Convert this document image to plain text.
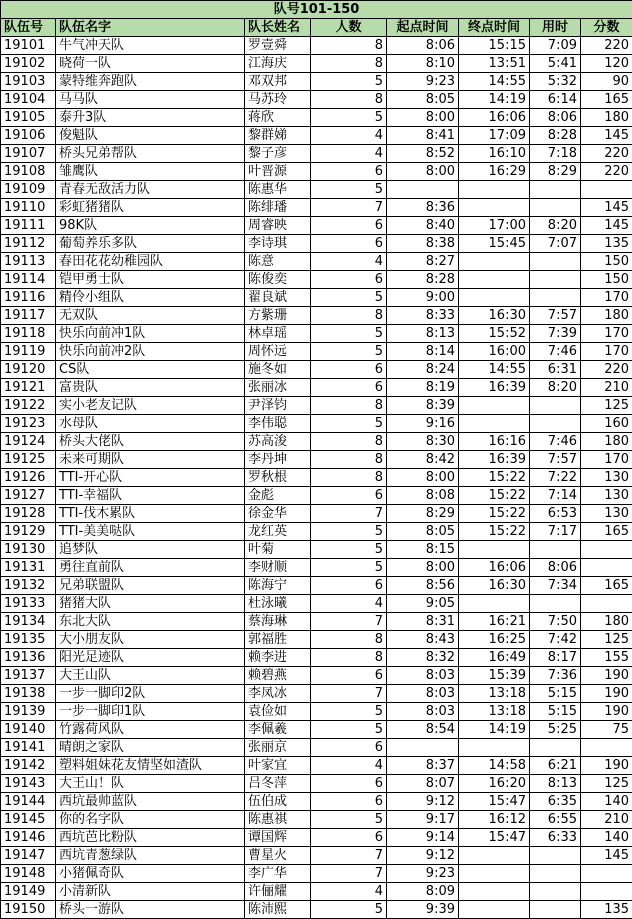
队号101-150							
队伍号	队伍名字	队长姓名	人数	起点时间	终点时间	用时	分数
19101	牛气冲天队	罗壹舜	8	8:06	15:15	7:09	220
19102	晓荷一队	江海庆	8	8:10	13:51	5:41	120
19103	蒙特维奔跑队	邓双邦	5	9:23	14:55	5:32	90
19104	马马队	马苏玲	8	8:05	14:19	6:14	165
19105	泰升3队	蒋欣	5	8:00	16:06	8:06	180
19106	俊魁队	黎群娣	4	8:41	17:09	8:28	145
19107	桥头兄弟帮队	黎子彦	4	8:52	16:10	7:18	220
19108	雏鹰队	叶晋源	6	8:00	16:29	8:29	220
19109	青春无敌活力队	陈惠华	5				
19110	彩虹猪猪队	陈绯璠	7	8:36			145
19111	98K队	周睿映	6	8:40	17:00	8:20	145
19112	葡萄养乐多队	李诗琪	6	8:38	15:45	7:07	135
19113	春田花花幼稚园队	陈意	4	8:27			150
19114	铠甲勇士队	陈俊奕	6	8:28			150
19116	精伶小组队	翟良斌	5	9:00			170
19117	无双队	方紫珊	8	8:33	16:30	7:57	180
19118	快乐向前冲1队	林卓瑶	5	8:13	15:52	7:39	170
19119	快乐向前冲2队	周怀远	5	8:14	16:00	7:46	170
19120	CS队	施冬如	6	8:24	14:55	6:31	220
19121	富贵队	张丽冰	6	8:19	16:39	8:20	210
19122	实小老友记队	尹泽钧	8	8:39			125
19123	水母队	李伟聪	5	9:16			160
19124	桥头大佬队	苏高浚	8	8:30	16:16	7:46	180
19125	未来可期队	李丹坤	8	8:42	16:39	7:57	170
19126	TTI-开心队	罗秋根	8	8:00	15:22	7:22	130
19127	TTI-幸福队	金彪	6	8:08	15:22	7:14	130
19128	TTI-伐木累队	徐金华	7	8:29	15:22	6:53	130
19129	TTI-美美哒队	龙红英	5	8:05	15:22	7:17	165
19130	追梦队	叶菊	5	8:15			
19131	勇往直前队	李财顺	5	8:00	16:06	8:06	
19132	兄弟联盟队	陈海宁	6	8:56	16:30	7:34	165
19133	猪猪大队	杜泳曦	4	9:05			
19134	东北大队	蔡海琳	7	8:31	16:21	7:50	180
19135	大小朋友队	郭福胜	8	8:43	16:25	7:42	125
19136	阳光足迹队	赖李进	8	8:32	16:49	8:17	155
19137	大王山队	赖碧燕	6	8:03	15:39	7:36	190
19138	一步一脚印2队	李凤冰	7	8:03	13:18	5:15	190
19139	一步一脚印1队	袁俭如	5	8:03	13:18	5:15	190
19140	竹露荷风队	李佩羲	5	8:54	14:19	5:25	75
19141	晴朗之家队	张丽京	6				
19142	塑料姐妹花友情坚如渣队	叶家宜	4	8:37	14:58	6:21	190
19143	大王山！队	吕冬萍	6	8:07	16:20	8:13	125
19144	西坑最帅蓝队	伍伯成	6	9:12	15:47	6:35	140
19145	你的名字队	陈惠祺	5	9:17	16:12	6:55	210
19146	西坑芭比粉队	谭国辉	6	9:14	15:47	6:33	140
19147	西坑青葱绿队	曹星火	7	9:12			145
19148	小猪佩奇队	李广华	7	9:23			
19149	小清新队	许俪耀	4	8:09			
19150	桥头一游队	陈沛熙	5	9:39			135
